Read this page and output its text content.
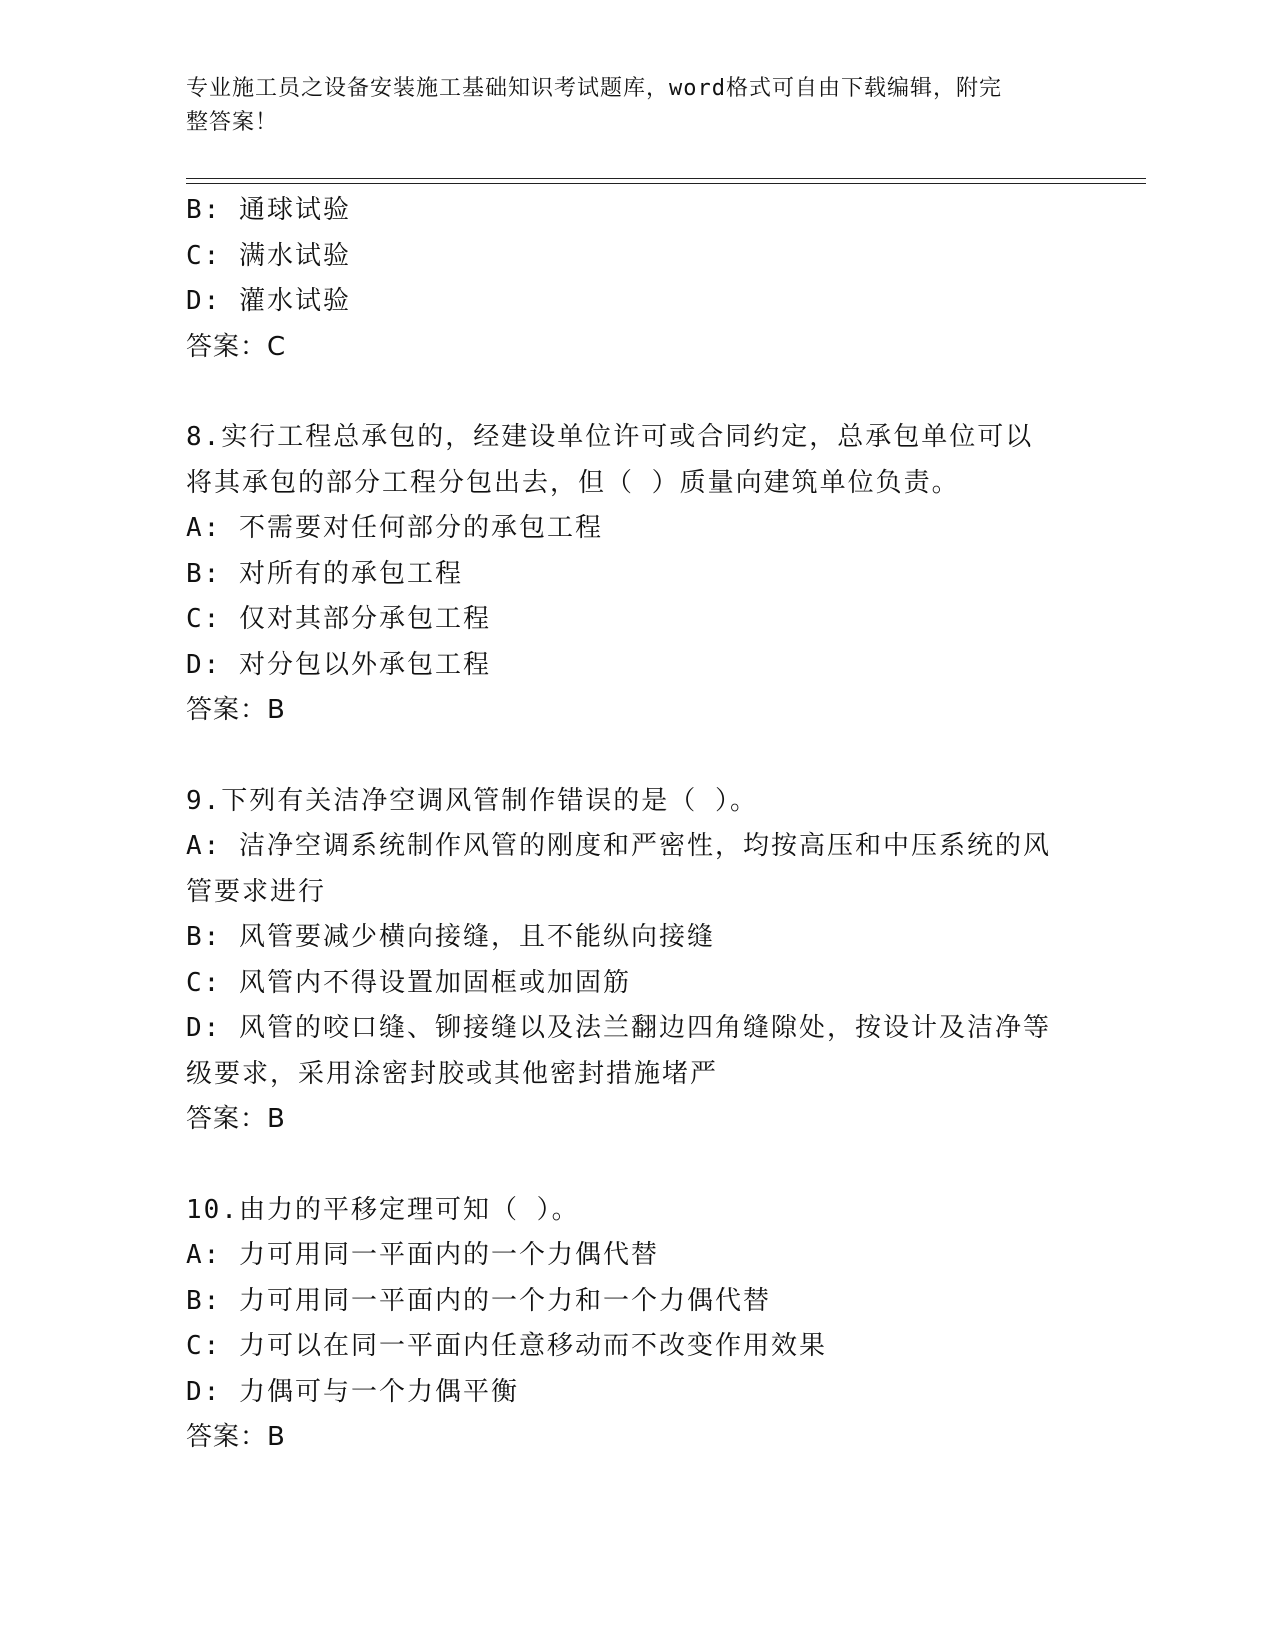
专业施工员之设备安装施工基础知识考试题库，word格式可自由下载编辑，附完
整答案！
B: 通球试验
C: 满水试验
D: 灌水试验
答案：C
8.实行工程总承包的，经建设单位许可或合同约定，总承包单位可以
将其承包的部分工程分包出去，但（ ）质量向建筑单位负责。
A: 不需要对任何部分的承包工程
B: 对所有的承包工程
C: 仅对其部分承包工程
D: 对分包以外承包工程
答案：B
9.下列有关洁净空调风管制作错误的是（ ）。
A: 洁净空调系统制作风管的刚度和严密性，均按高压和中压系统的风
管要求进行
B: 风管要减少横向接缝，且不能纵向接缝
C: 风管内不得设置加固框或加固筋
D: 风管的咬口缝、铆接缝以及法兰翻边四角缝隙处，按设计及洁净等
级要求，采用涂密封胶或其他密封措施堵严
答案：B
10.由力的平移定理可知（ ）。
A: 力可用同一平面内的一个力偶代替
B: 力可用同一平面内的一个力和一个力偶代替
C: 力可以在同一平面内任意移动而不改变作用效果
D: 力偶可与一个力偶平衡
答案：B
